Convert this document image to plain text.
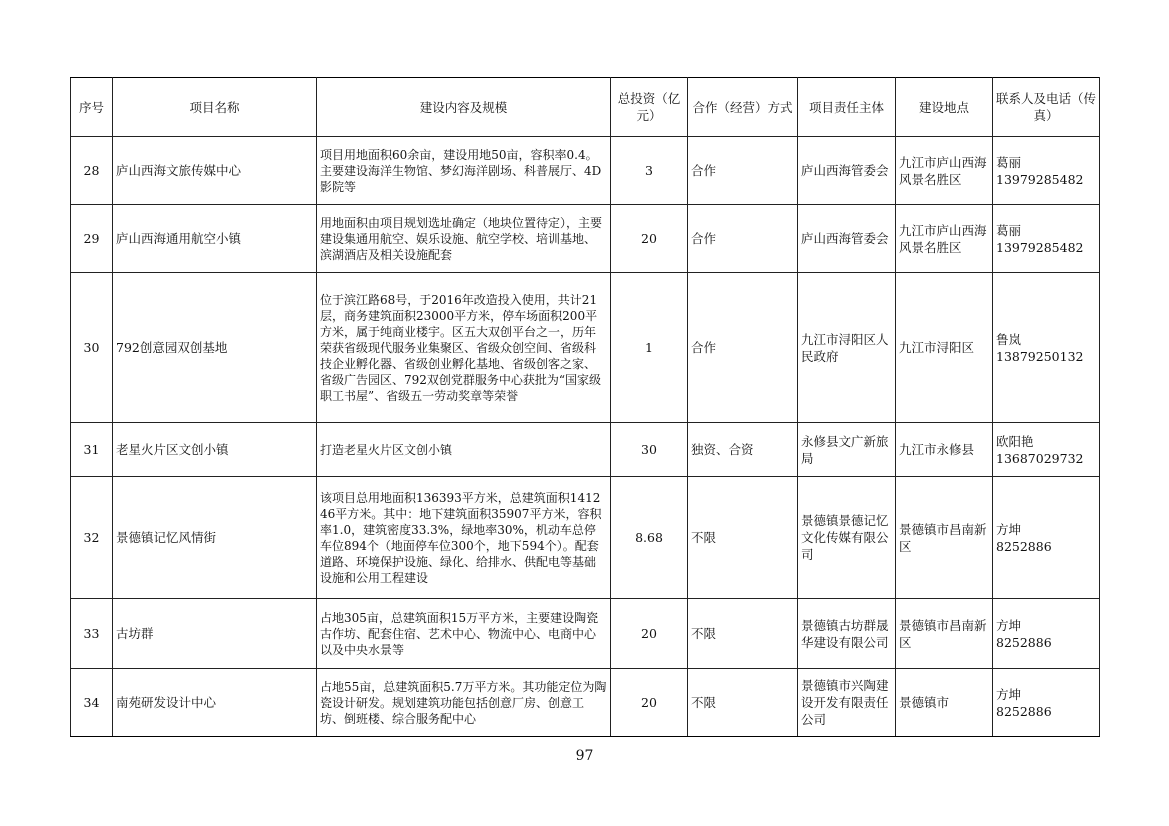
序号	项目名称	建设内容及规模	总投资（亿元）	合作（经营）方式	项目责任主体	建设地点	联系人及电话（传真）
28	庐山西海文旅传媒中心	项目用地面积60余亩，建设用地50亩，容积率0.4。主要建设海洋生物馆、梦幻海洋剧场、科普展厅、4D影院等	3	合作	庐山西海管委会	九江市庐山西海风景名胜区	葛丽
13979285482

29	庐山西海通用航空小镇	用地面积由项目规划选址确定（地块位置待定），主要建设集通用航空、娱乐设施、航空学校、培训基地、滨湖酒店及相关设施配套	20	合作	庐山西海管委会	九江市庐山西海风景名胜区	葛丽
13979285482

30	792创意园双创基地	位于滨江路68号，于2016年改造投入使用，共计21层，商务建筑面积23000平方米，停车场面积200平方米，属于纯商业楼宇。区五大双创平台之一，历年荣获省级现代服务业集聚区、省级众创空间、省级科技企业孵化器、省级创业孵化基地、省级创客之家、省级广告园区、792双创党群服务中心获批为“国家级职工书屋”、省级五一劳动奖章等荣誉	1	合作	九江市浔阳区人民政府	九江市浔阳区	鲁岚
13879250132

31	老星火片区文创小镇	打造老星火片区文创小镇	30	独资、合资	永修县文广新旅局	九江市永修县	欧阳艳
13687029732

32	景德镇记忆风情街	该项目总用地面积136393平方米，总建筑面积141246平方米。其中：地下建筑面积35907平方米，容积率1.0，建筑密度33.3%，绿地率30%，机动车总停车位894个（地面停车位300个，地下594个）。配套道路、环境保护设施、绿化、给排水、供配电等基础设施和公用工程建设	8.68	不限	景德镇景德记忆文化传媒有限公司	景德镇市昌南新区	方坤
8252886

33	古坊群	占地305亩，总建筑面积15万平方米，主要建设陶瓷古作坊、配套住宿、艺术中心、物流中心、电商中心以及中央水景等	20	不限	景德镇古坊群晟华建设有限公司	景德镇市昌南新区	方坤
8252886

34	南苑研发设计中心	占地55亩，总建筑面积5.7万平方米。其功能定位为陶瓷设计研发。规划建筑功能包括创意厂房、创意工坊、倒班楼、综合服务配中心	20	不限	景德镇市兴陶建设开发有限责任公司	景德镇市	方坤
8252886
97
